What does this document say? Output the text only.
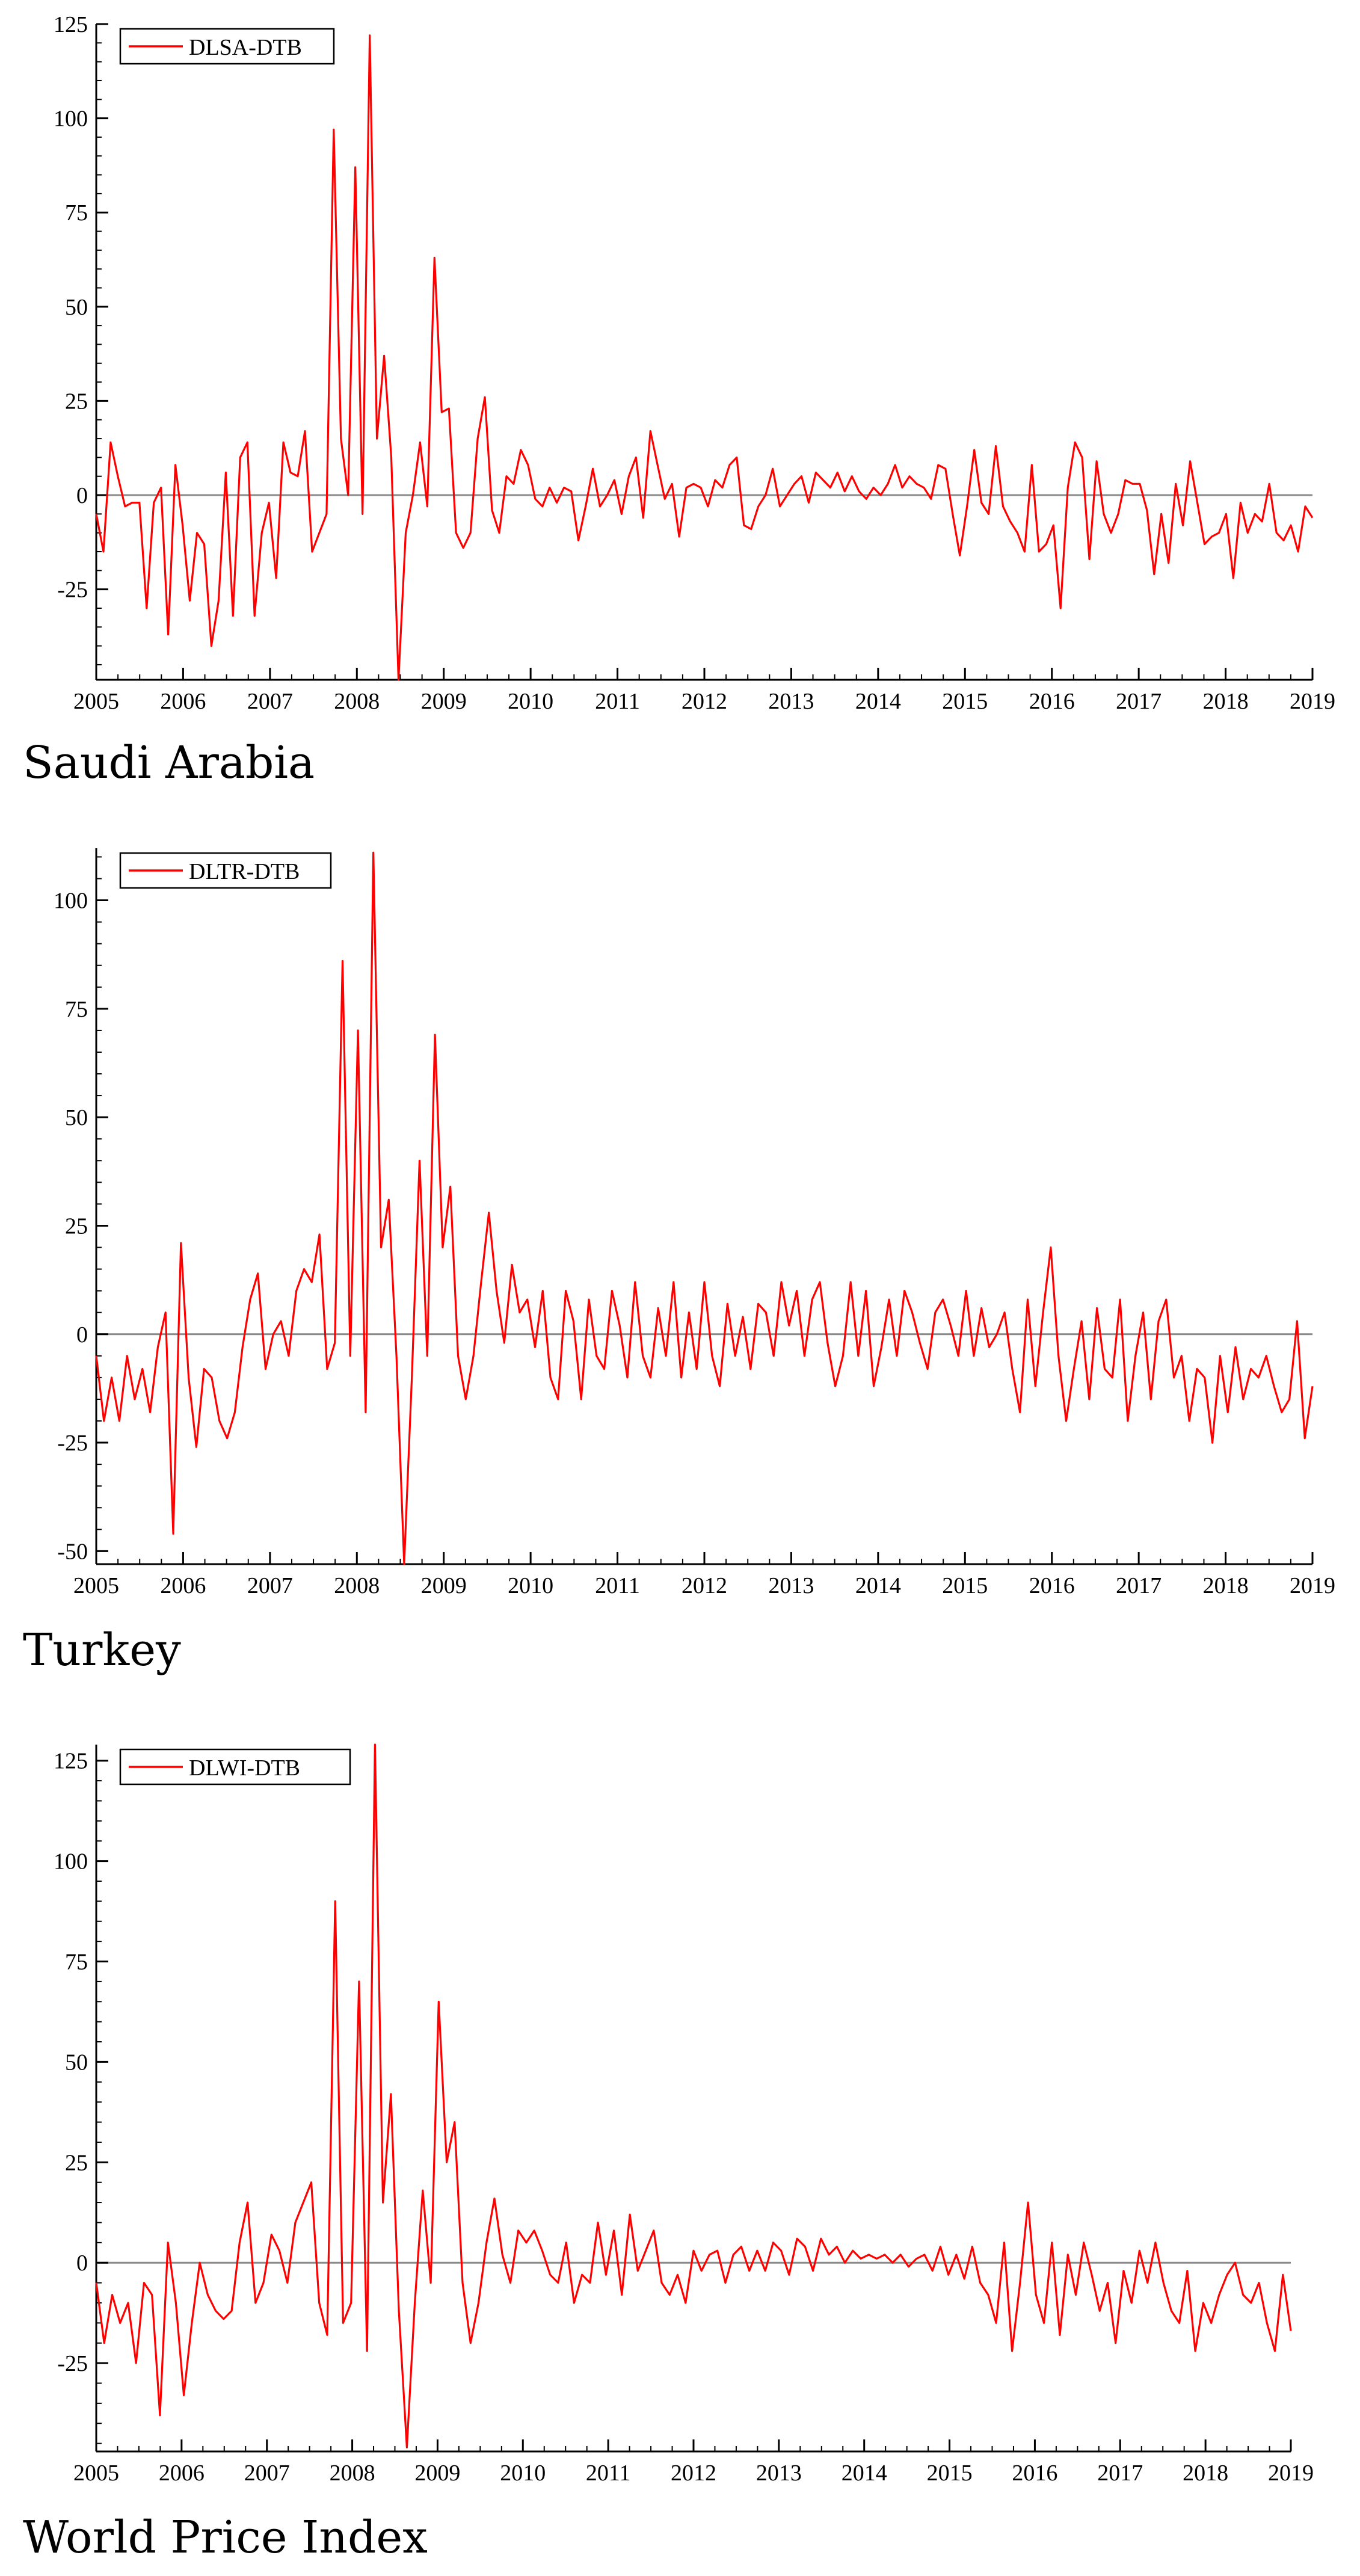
-25
0
25
50
75
100
125
2005 2006 2007 2008 2009 2010 2011 2012 2013 2014 2015 2016 2017 2018 2019
DLSA-DTB
-50
-25
0
25
50
75
100
2005 2006 2007 2008 2009 2010 2011 2012 2013 2014 2015 2016 2017 2018 2019
DLTR-DTB
-25
0
25
50
75
100
125
2005 2006 2007 2008 2009 2010 2011 2012 2013 2014 2015 2016 2017 2018 2019
DLWI-DTB
Saudi Arabia
Turkey
World Price Index
